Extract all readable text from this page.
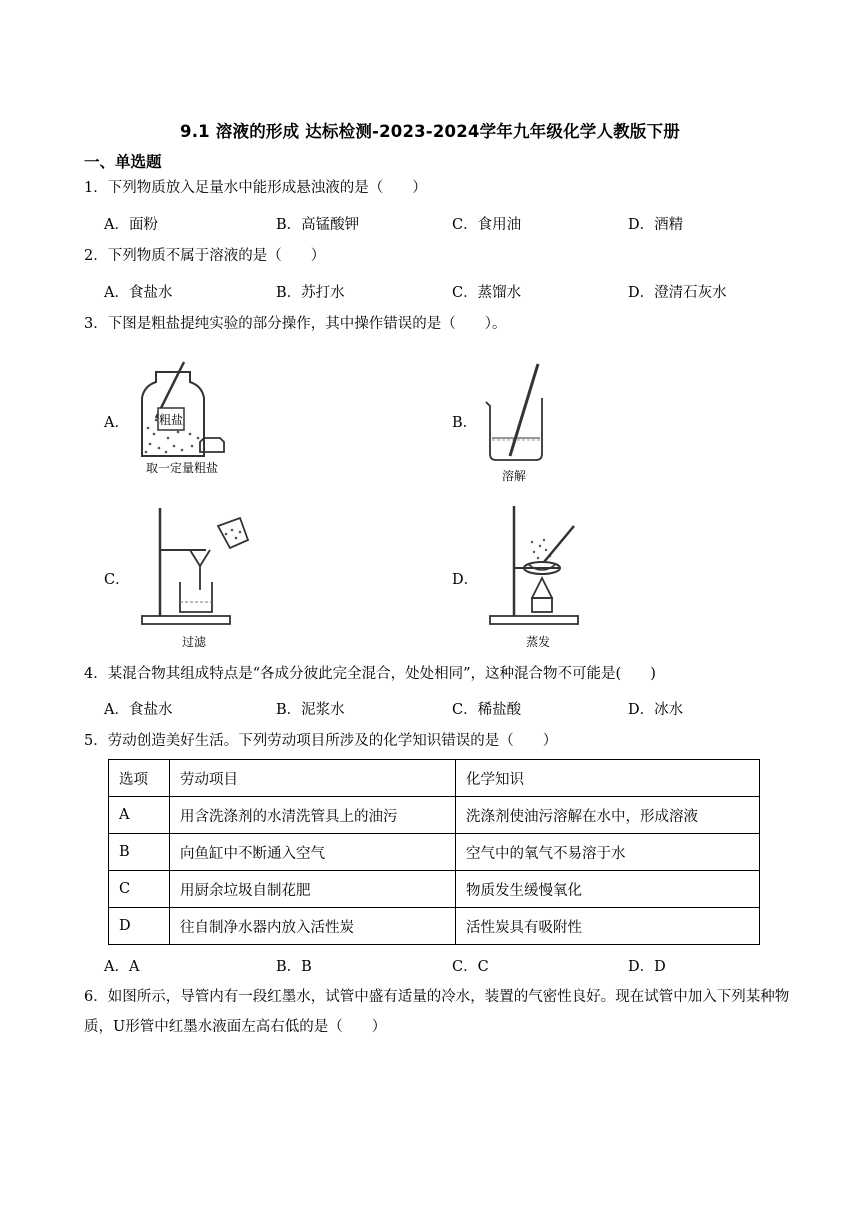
9.1 溶液的形成 达标检测-2023-2024学年九年级化学人教版下册
一、单选题
1．下列物质放入足量水中能形成悬浊液的是（　　）
A．面粉	B．高锰酸钾	C．食用油	D．酒精
2．下列物质不属于溶液的是（　　）
A．食盐水	B．苏打水	C．蒸馏水	D．澄清石灰水
3．下图是粗盐提纯实验的部分操作，其中操作错误的是（　　）。
A．	粗盐
取一定量粗盐
B．
溶解
C．
过滤
D．
蒸发
4．某混合物其组成特点是“各成分彼此完全混合，处处相同”，这种混合物不可能是(　　)
A．食盐水	B．泥浆水	C．稀盐酸	D．冰水
5．劳动创造美好生活。下列劳动项目所涉及的化学知识错误的是（　　）
选项	劳动项目	化学知识
A	用含洗涤剂的水清洗管具上的油污	洗涤剂使油污溶解在水中，形成溶液
B	向鱼缸中不断通入空气	空气中的氧气不易溶于水
C	用厨余垃圾自制花肥	物质发生缓慢氧化
D	往自制净水器内放入活性炭	活性炭具有吸附性
A．A	B．B	C．C	D．D
6．如图所示，导管内有一段红墨水，试管中盛有适量的冷水，装置的气密性良好。现在试管中加入下列某种物质，U形管中红墨水液面左高右低的是（　　）
